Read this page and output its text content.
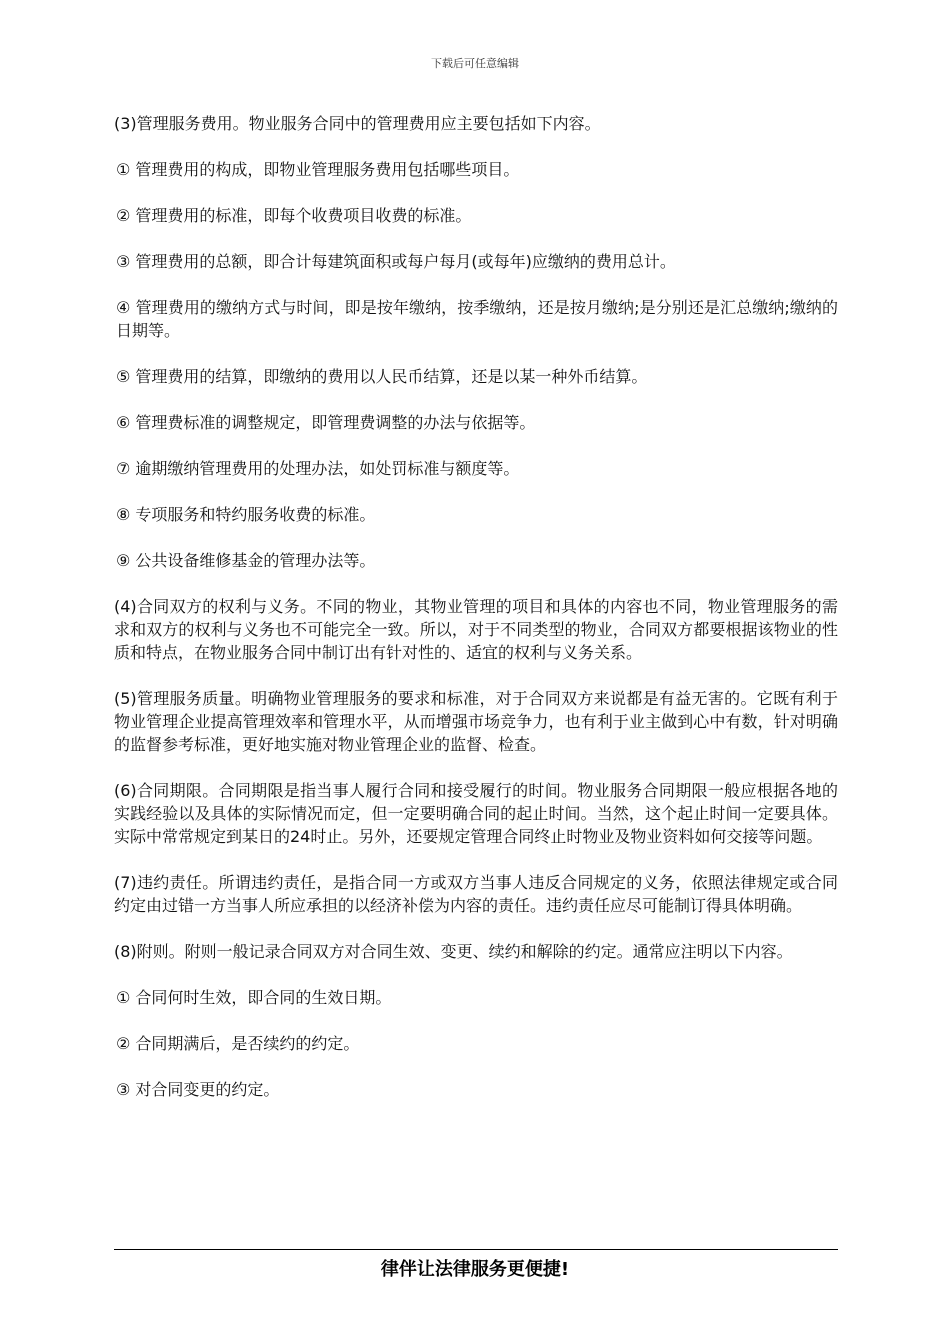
下载后可任意编辑

(3)管理服务费用。物业服务合同中的管理费用应主要包括如下内容。

① 管理费用的构成，即物业管理服务费用包括哪些项目。

② 管理费用的标准，即每个收费项目收费的标准。

③ 管理费用的总额，即合计每建筑面积或每户每月(或每年)应缴纳的费用总计。

④ 管理费用的缴纳方式与时间，即是按年缴纳，按季缴纳，还是按月缴纳;是分别还是汇总缴纳;缴纳的日期等。

⑤ 管理费用的结算，即缴纳的费用以人民币结算，还是以某一种外币结算。

⑥ 管理费标准的调整规定，即管理费调整的办法与依据等。

⑦ 逾期缴纳管理费用的处理办法，如处罚标准与额度等。

⑧ 专项服务和特约服务收费的标准。

⑨ 公共设备维修基金的管理办法等。

(4)合同双方的权利与义务。不同的物业，其物业管理的项目和具体的内容也不同，物业管理服务的需求和双方的权利与义务也不可能完全一致。所以，对于不同类型的物业，合同双方都要根据该物业的性质和特点，在物业服务合同中制订出有针对性的、适宜的权利与义务关系。

(5)管理服务质量。明确物业管理服务的要求和标准，对于合同双方来说都是有益无害的。它既有利于物业管理企业提高管理效率和管理水平，从而增强市场竞争力，也有利于业主做到心中有数，针对明确的监督参考标准，更好地实施对物业管理企业的监督、检查。

(6)合同期限。合同期限是指当事人履行合同和接受履行的时间。物业服务合同期限一般应根据各地的实践经验以及具体的实际情况而定，但一定要明确合同的起止时间。当然，这个起止时间一定要具体。实际中常常规定到某日的24时止。另外，还要规定管理合同终止时物业及物业资料如何交接等问题。

(7)违约责任。所谓违约责任，是指合同一方或双方当事人违反合同规定的义务，依照法律规定或合同约定由过错一方当事人所应承担的以经济补偿为内容的责任。违约责任应尽可能制订得具体明确。

(8)附则。附则一般记录合同双方对合同生效、变更、续约和解除的约定。通常应注明以下内容。

① 合同何时生效，即合同的生效日期。

② 合同期满后，是否续约的约定。

③ 对合同变更的约定。

律伴让法律服务更便捷!
